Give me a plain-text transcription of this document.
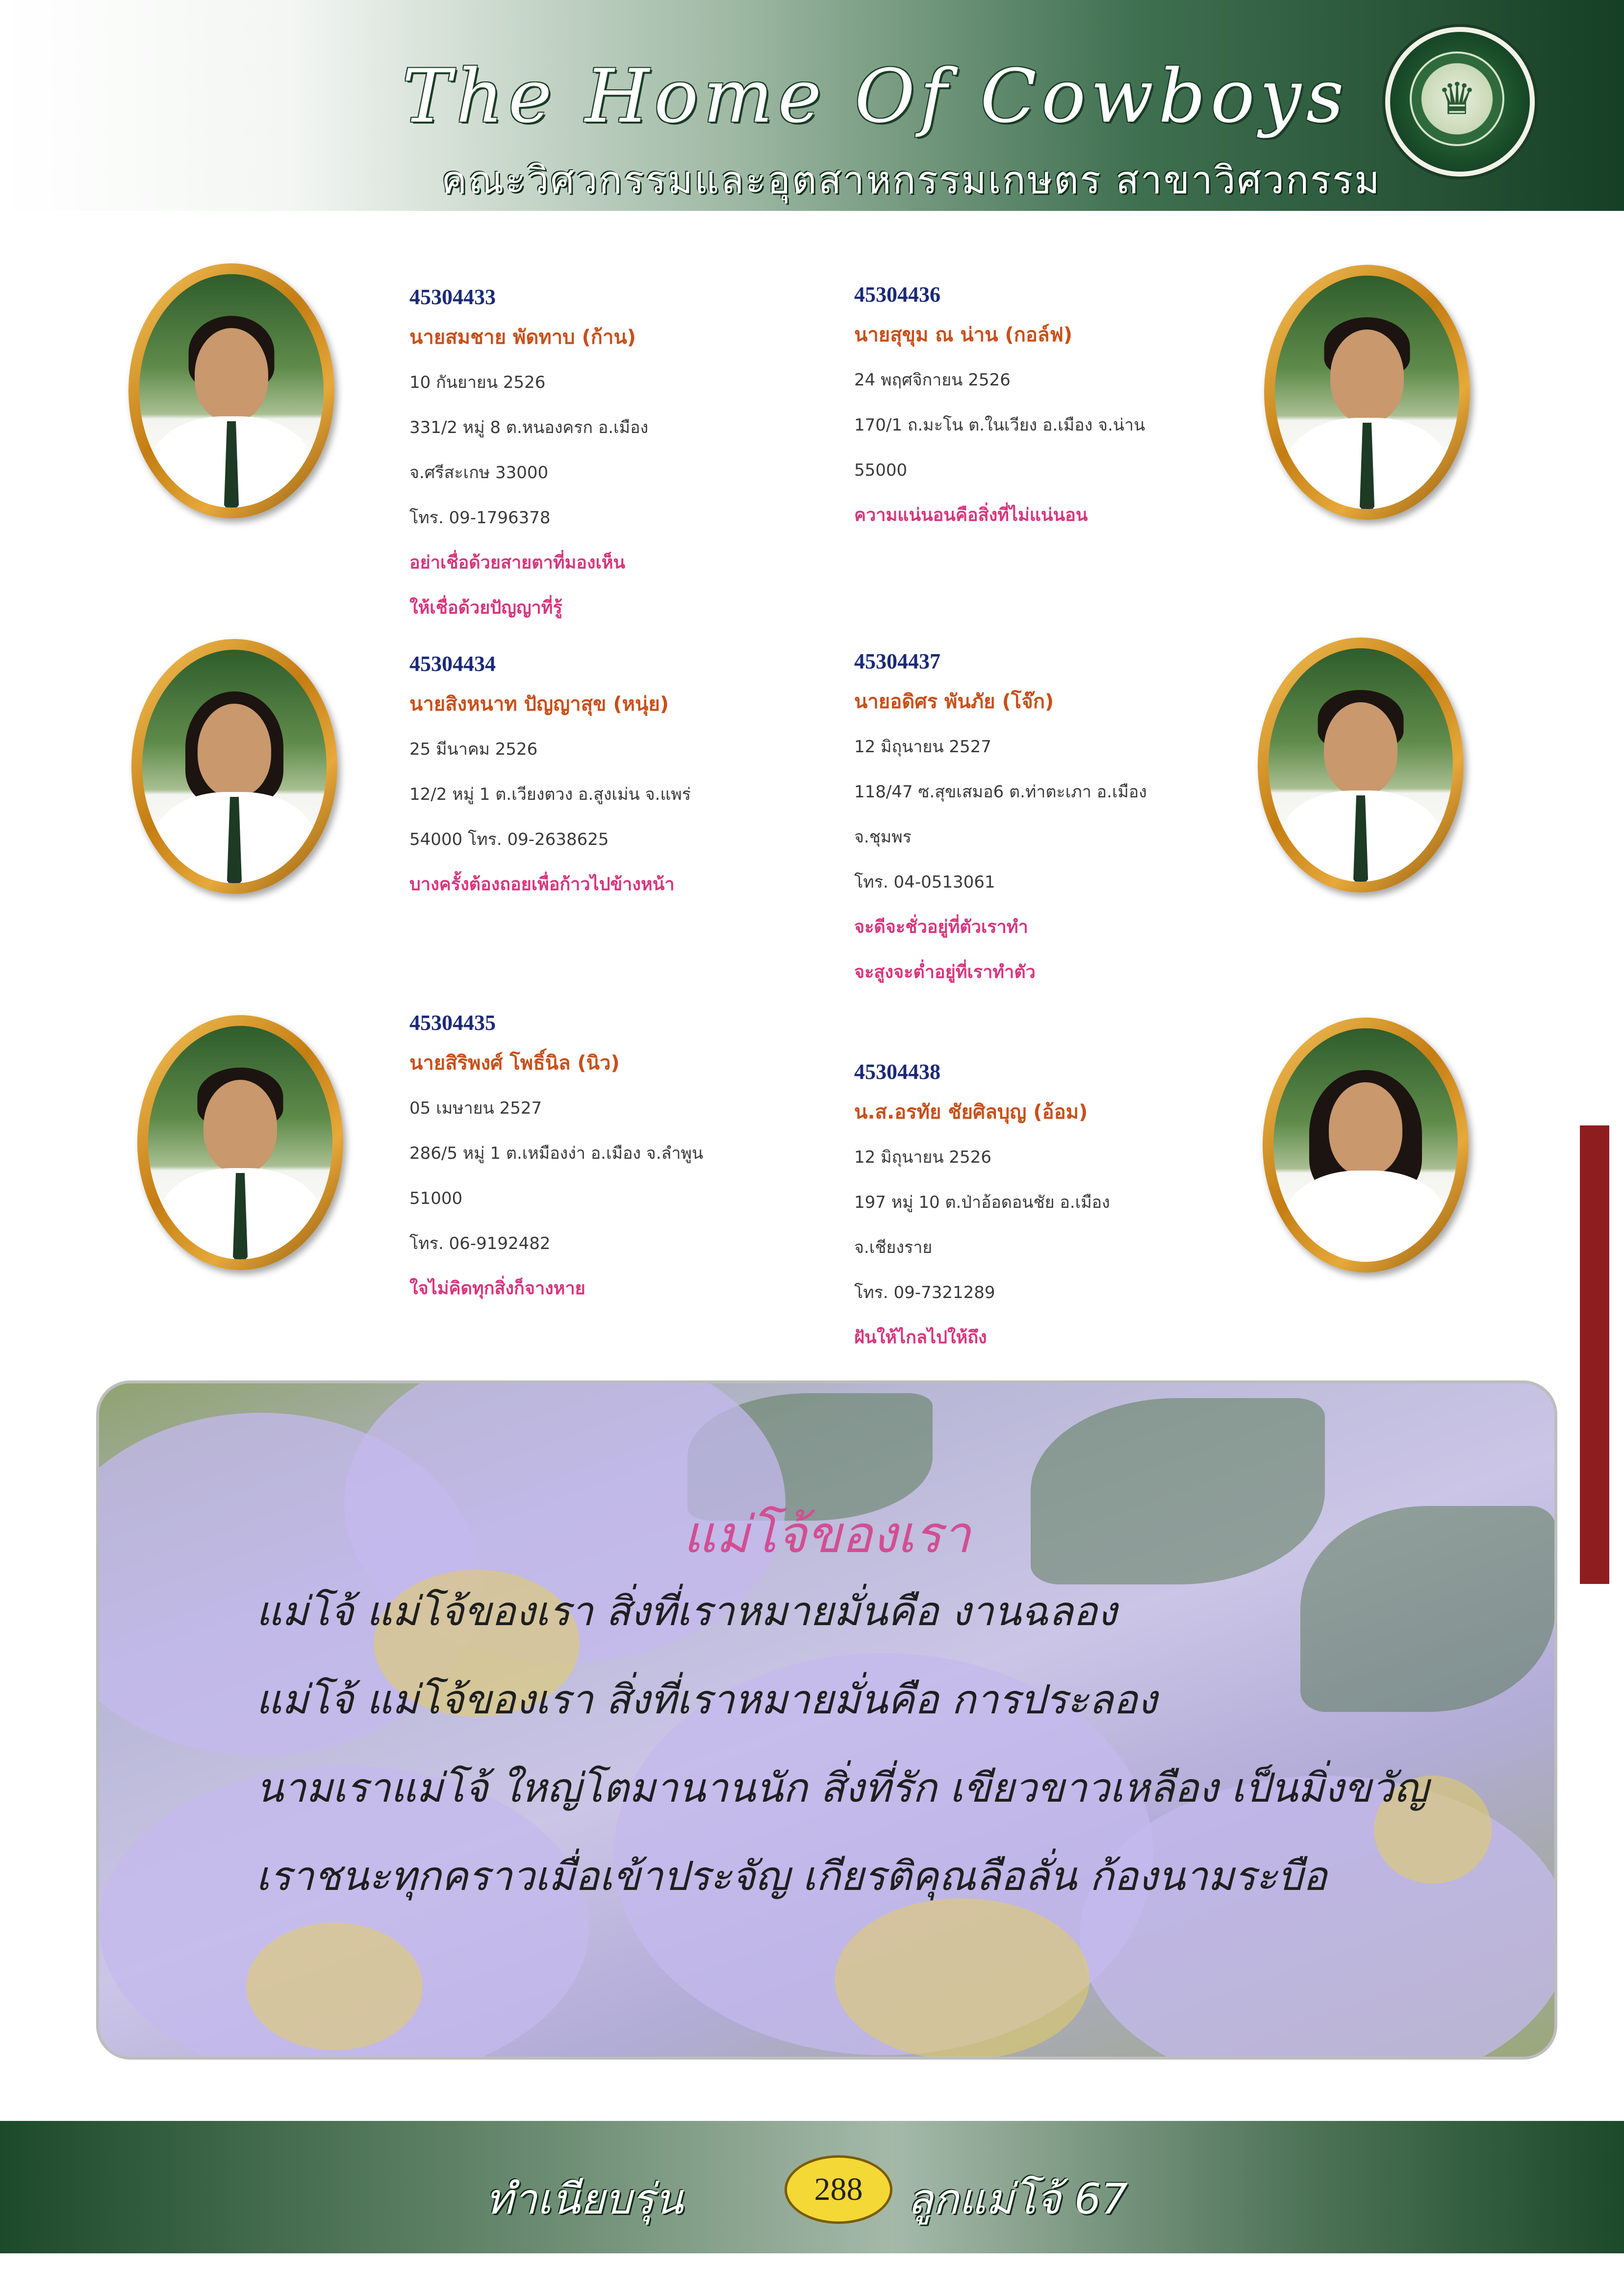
The Home Of Cowboys
คณะวิศวกรรมและอุตสาหกรรมเกษตร สาขาวิศวกรรม
♛
45304433
นายสมชาย พัดทาบ (ก้าน)
10 กันยายน 2526
331/2 หมู่ 8 ต.หนองครก อ.เมือง
จ.ศรีสะเกษ 33000
โทร. 09-1796378
อย่าเชื่อด้วยสายตาที่มองเห็น
ให้เชื่อด้วยปัญญาที่รู้
45304436
นายสุขุม ณ น่าน (กอล์ฟ)
24 พฤศจิกายน 2526
170/1 ถ.มะโน ต.ในเวียง อ.เมือง จ.น่าน
55000
ความแน่นอนคือสิ่งที่ไม่แน่นอน
45304434
นายสิงหนาท ปัญญาสุข (หนุ่ย)
25 มีนาคม 2526
12/2 หมู่ 1 ต.เวียงตวง อ.สูงเม่น จ.แพร่
54000 โทร. 09-2638625
บางครั้งต้องถอยเพื่อก้าวไปข้างหน้า
45304437
นายอดิศร พันภัย (โจ๊ก)
12 มิถุนายน 2527
118/47 ซ.สุขเสมอ6 ต.ท่าตะเภา อ.เมือง
จ.ชุมพร
โทร. 04-0513061
จะดีจะชั่วอยู่ที่ตัวเราทำ
จะสูงจะต่ำอยู่ที่เราทำตัว
45304435
นายสิริพงศ์ โพธิ์นิล (นิว)
05 เมษายน 2527
286/5 หมู่ 1 ต.เหมืองง่า อ.เมือง จ.ลำพูน
51000
โทร. 06-9192482
ใจไม่คิดทุกสิ่งก็จางหาย
45304438
น.ส.อรทัย ชัยศิลบุญ (อ้อม)
12 มิถุนายน 2526
197 หมู่ 10 ต.ป่าอ้อดอนชัย อ.เมือง
จ.เชียงราย
โทร. 09-7321289
ฝันให้ไกลไปให้ถึง
แม่โจ้ของเรา
แม่โจ้ แม่โจ้ของเรา สิ่งที่เราหมายมั่นคือ งานฉลอง
แม่โจ้ แม่โจ้ของเรา สิ่งที่เราหมายมั่นคือ การประลอง
นามเราแม่โจ้ ใหญ่โตมานานนัก สิ่งที่รัก เขียวขาวเหลือง เป็นมิ่งขวัญ
เราชนะทุกคราวเมื่อเข้าประจัญ เกียรติคุณลือลั่น ก้องนามระบือ
ทำเนียบรุ่น	288	ลูกแม่โจ้ 67
